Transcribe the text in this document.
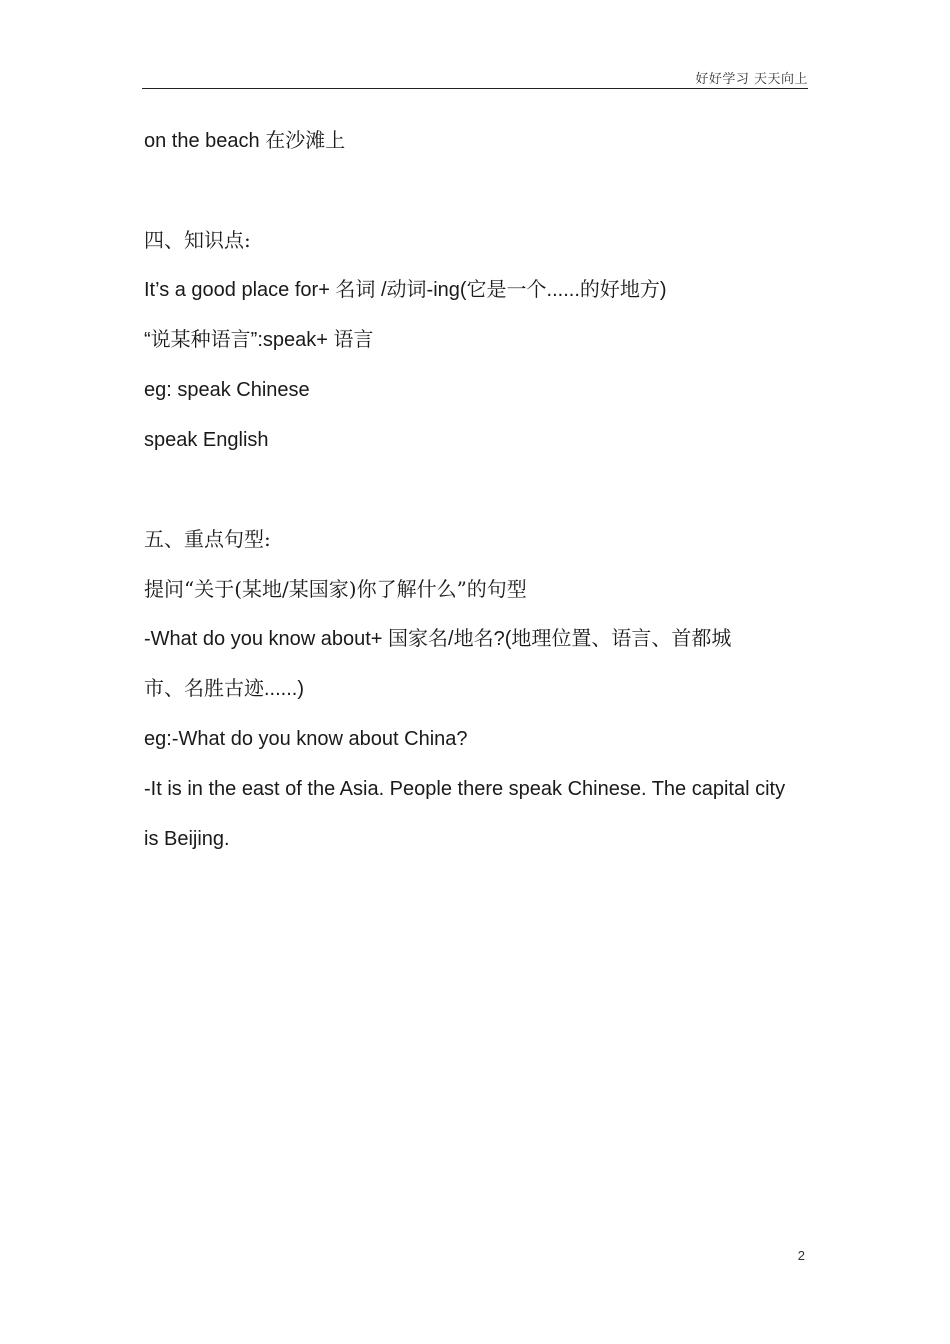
好好学习 天天向上
on the beach 在沙滩上
四、知识点:
It’s a good place for+ 名词 /动词-ing(它是一个......的好地方)
“说某种语言”:speak+ 语言
eg: speak Chinese
speak English
五、重点句型:
提问“关于(某地/某国家)你了解什么”的句型
-What do you know about+ 国家名/地名?(地理位置、语言、首都城
市、名胜古迹......)
eg:-What do you know about China?
-It is in the east of the Asia. People there speak Chinese. The capital city
is Beijing.
2
